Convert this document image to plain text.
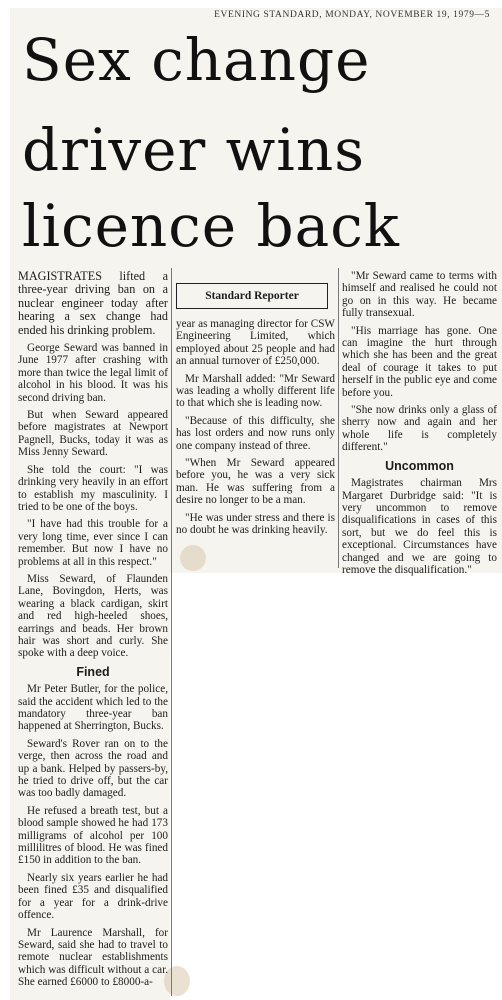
EVENING STANDARD, MONDAY, NOVEMBER 19, 1979—5
Sex change
driver wins
licence back
Standard Reporter

MAGISTRATES lifted a three-year driving ban on a nuclear engineer today after hearing a sex change had ended his drinking problem.

George Seward was banned in June 1977 after crashing with more than twice the legal limit of alcohol in his blood. It was his second driving ban.

But when Seward appeared before magistrates at Newport Pagnell, Bucks, today it was as Miss Jenny Seward.

She told the court: "I was drinking very heavily in an effort to establish my masculinity. I tried to be one of the boys.

"I have had this trouble for a very long time, ever since I can remember. But now I have no problems at all in this respect."

Miss Seward, of Flaunden Lane, Bovingdon, Herts, was wearing a black cardigan, skirt and red high-heeled shoes, earrings and beads. Her brown hair was short and curly. She spoke with a deep voice.

Fined

Mr Peter Butler, for the police, said the accident which led to the mandatory three-year ban happened at Sherrington, Bucks.

Seward's Rover ran on to the verge, then across the road and up a bank. Helped by passers-by, he tried to drive off, but the car was too badly damaged.

He refused a breath test, but a blood sample showed he had 173 milligrams of alcohol per 100 millilitres of blood. He was fined £150 in addition to the ban.

Nearly six years earlier he had been fined £35 and disqualified for a year for a drink-drive offence.

Mr Laurence Marshall, for Seward, said she had to travel to remote nuclear establishments which was difficult without a car. She earned £6000 to £8000-a-

year as managing director for CSW Engineering Limited, which employed about 25 people and had an annual turnover of £250,000.

Mr Marshall added: "Mr Seward was leading a wholly different life to that which she is leading now.

"Because of this difficulty, she has lost orders and now runs only one company instead of three.

"When Mr Seward appeared before you, he was a very sick man. He was suffering from a desire no longer to be a man.

"He was under stress and there is no doubt he was drinking heavily.

"Mr Seward came to terms with himself and realised he could not go on in this way. He became fully transexual.

"His marriage has gone. One can imagine the hurt through which she has been and the great deal of courage it takes to put herself in the public eye and come before you.

"She now drinks only a glass of sherry now and again and her whole life is completely different."

Uncommon

Magistrates chairman Mrs Margaret Durbridge said: "It is very uncommon to remove disqualifications in cases of this sort, but we do feel this is exceptional. Circumstances have changed and we are going to remove the disqualification."
